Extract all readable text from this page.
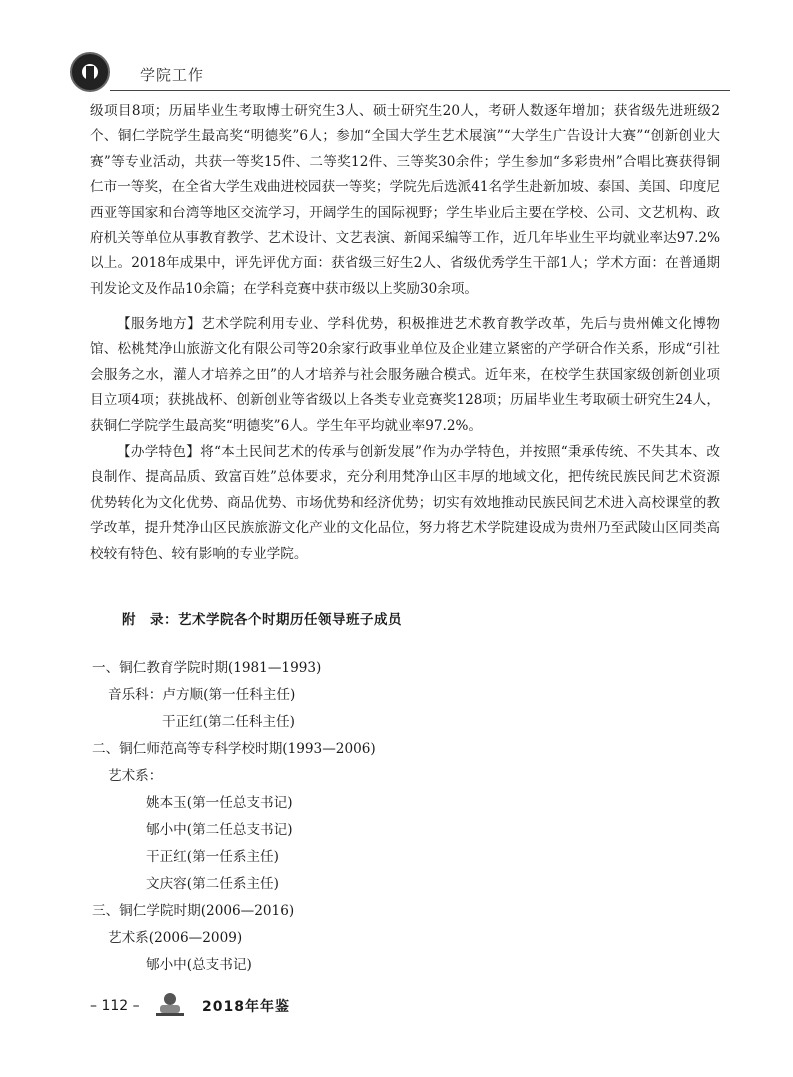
学院工作

级项目8项；历届毕业生考取博士研究生3人、硕士研究生20人，考研人数逐年增加；获省级先进班级2个、铜仁学院学生最高奖“明德奖”6人；参加“全国大学生艺术展演”“大学生广告设计大赛”“创新创业大赛”等专业活动，共获一等奖15件、二等奖12件、三等奖30余件；学生参加“多彩贵州”合唱比赛获得铜仁市一等奖，在全省大学生戏曲进校园获一等奖；学院先后选派41名学生赴新加坡、泰国、美国、印度尼西亚等国家和台湾等地区交流学习，开阔学生的国际视野；学生毕业后主要在学校、公司、文艺机构、政府机关等单位从事教育教学、艺术设计、文艺表演、新闻采编等工作，近几年毕业生平均就业率达97.2%以上。2018年成果中，评先评优方面：获省级三好生2人、省级优秀学生干部1人；学术方面：在普通期刊发论文及作品10余篇；在学科竞赛中获市级以上奖励30余项。

【服务地方】艺术学院利用专业、学科优势，积极推进艺术教育教学改革，先后与贵州傩文化博物馆、松桃梵净山旅游文化有限公司等20余家行政事业单位及企业建立紧密的产学研合作关系，形成“引社会服务之水，灌人才培养之田”的人才培养与社会服务融合模式。近年来，在校学生获国家级创新创业项目立项4项；获挑战杯、创新创业等省级以上各类专业竞赛奖128项；历届毕业生考取硕士研究生24人，获铜仁学院学生最高奖“明德奖”6人。学生年平均就业率97.2%。

【办学特色】将“本土民间艺术的传承与创新发展”作为办学特色，并按照“秉承传统、不失其本、改良制作、提高品质、致富百姓”总体要求，充分利用梵净山区丰厚的地域文化，把传统民族民间艺术资源优势转化为文化优势、商品优势、市场优势和经济优势；切实有效地推动民族民间艺术进入高校课堂的教学改革，提升梵净山区民族旅游文化产业的文化品位，努力将艺术学院建设成为贵州乃至武陵山区同类高校较有特色、较有影响的专业学院。

附　录：艺术学院各个时期历任领导班子成员
一、铜仁教育学院时期(1981—1993)
音乐科：卢方顺(第一任科主任)
干正红(第二任科主任)
二、铜仁师范高等专科学校时期(1993—2006)
艺术系：
姚本玉(第一任总支书记)
郇小中(第二任总支书记)
干正红(第一任系主任)
文庆容(第二任系主任)
三、铜仁学院时期(2006—2016)
艺术系(2006—2009)
郇小中(总支书记)
– 112 –	2018年年鉴
